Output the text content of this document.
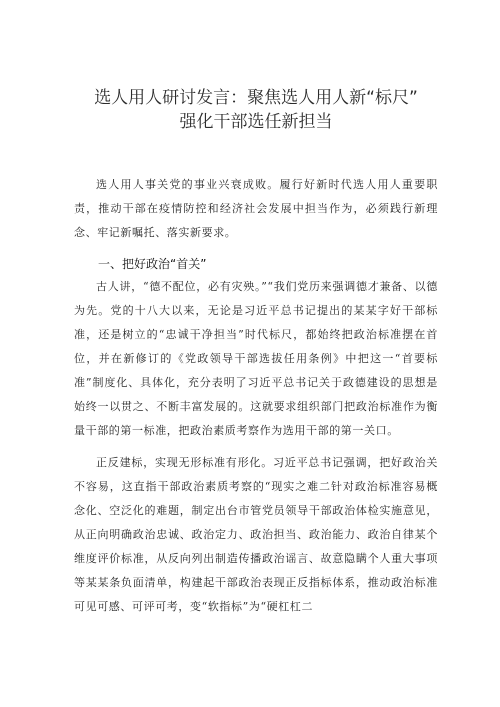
选人用人研讨发言：聚焦选人用人新“标尺”
强化干部选任新担当

选人用人事关党的事业兴衰成败。履行好新时代选人用人重要职责，推动干部在疫情防控和经济社会发展中担当作为，必须践行新理念、牢记新嘱托、落实新要求。

一、把好政治“首关”

古人讲，“德不配位，必有灾殃。”“我们党历来强调德才兼备、以德为先。党的十八大以来，无论是习近平总书记提出的某某字好干部标准，还是树立的“忠诚干净担当”时代标尺，都始终把政治标准摆在首位，并在新修订的《党政领导干部选拔任用条例》中把这一“首要标准”制度化、具体化，充分表明了习近平总书记关于政德建设的思想是始终一以贯之、不断丰富发展的。这就要求组织部门把政治标准作为衡量干部的第一标准，把政治素质考察作为选用干部的第一关口。

正反建标，实现无形标准有形化。习近平总书记强调，把好政治关不容易，这直指干部政治素质考察的“现实之难二针对政治标准容易概念化、空泛化的难题，制定出台市管党员领导干部政治体检实施意见，从正向明确政治忠诚、政治定力、政治担当、政治能力、政治自律某个维度评价标准，从反向列出制造传播政治谣言、故意隐瞒个人重大事项等某某条负面清单，构建起干部政治表现正反指标体系，推动政治标准可见可感、可评可考，变“软指标”为“硬杠杠二
